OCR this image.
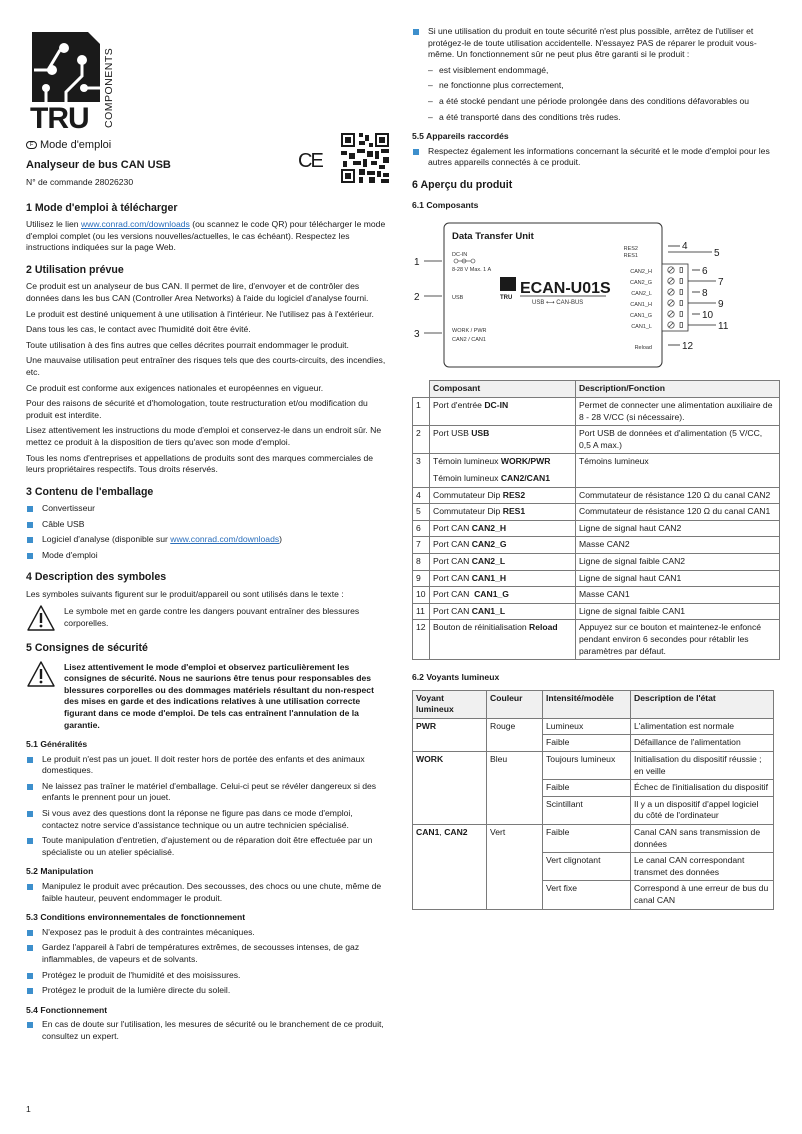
TRU COMPONENTS
F Mode d'emploi
Analyseur de bus CAN USB
N° de commande 28026230
CE
1 Mode d'emploi à télécharger

Utilisez le lien www.conrad.com/downloads (ou scannez le code QR) pour télécharger le mode d'emploi complet (ou les versions nouvelles/actuelles, le cas échéant). Respectez les instructions indiquées sur la page Web.

2 Utilisation prévue

Ce produit est un analyseur de bus CAN. Il permet de lire, d'envoyer et de contrôler des données dans les bus CAN (Controller Area Networks) à l'aide du logiciel d'analyse fourni.

Le produit est destiné uniquement à une utilisation à l'intérieur. Ne l'utilisez pas à l'extérieur.

Dans tous les cas, le contact avec l'humidité doit être évité.

Toute utilisation à des fins autres que celles décrites pourrait endommager le produit.

Une mauvaise utilisation peut entraîner des risques tels que des courts-circuits, des incendies, etc.

Ce produit est conforme aux exigences nationales et européennes en vigueur.

Pour des raisons de sécurité et d'homologation, toute restructuration et/ou modification du produit est interdite.

Lisez attentivement les instructions du mode d'emploi et conservez-le dans un endroit sûr. Ne mettez ce produit à la disposition de tiers qu'avec son mode d'emploi.

Tous les noms d'entreprises et appellations de produits sont des marques commerciales de leurs propriétaires respectifs. Tous droits réservés.

3 Contenu de l'emballage
Convertisseur
Câble USB
Logiciel d'analyse (disponible sur www.conrad.com/downloads)
Mode d'emploi
4 Description des symboles

Les symboles suivants figurent sur le produit/appareil ou sont utilisés dans le texte :

Le symbole met en garde contre les dangers pouvant entraîner des blessures corporelles.
5 Consignes de sécurité
Lisez attentivement le mode d'emploi et observez particulièrement les consignes de sécurité. Nous ne saurions être tenus pour responsables des blessures corporelles ou des dommages matériels résultant du non-respect des mises en garde et des indications relatives à une utilisation correcte figurant dans ce mode d'emploi. De tels cas entraînent l'annulation de la garantie.
5.1 Généralités
Le produit n'est pas un jouet. Il doit rester hors de portée des enfants et des animaux domestiques.
Ne laissez pas traîner le matériel d'emballage. Celui-ci peut se révéler dangereux si des enfants le prennent pour un jouet.
Si vous avez des questions dont la réponse ne figure pas dans ce mode d'emploi, contactez notre service d'assistance technique ou un autre technicien spécialisé.
Toute manipulation d'entretien, d'ajustement ou de réparation doit être effectuée par un spécialiste ou un atelier spécialisé.
5.2 Manipulation
Manipulez le produit avec précaution. Des secousses, des chocs ou une chute, même de faible hauteur, peuvent endommager le produit.
5.3 Conditions environnementales de fonctionnement
N'exposez pas le produit à des contraintes mécaniques.
Gardez l'appareil à l'abri de températures extrêmes, de secousses intenses, de gaz inflammables, de vapeurs et de solvants.
Protégez le produit de l'humidité et des moisissures.
Protégez le produit de la lumière directe du soleil.
5.4 Fonctionnement
En cas de doute sur l'utilisation, les mesures de sécurité ou le branchement de ce produit, consultez un expert.
1
Si une utilisation du produit en toute sécurité n'est plus possible, arrêtez de l'utiliser et protégez-le de toute utilisation accidentelle. N'essayez PAS de réparer le produit vous-même. Un fonctionnement sûr ne peut plus être garanti si le produit :
– est visiblement endommagé,
– ne fonctionne plus correctement,
– a été stocké pendant une période prolongée dans des conditions défavorables ou
– a été transporté dans des conditions très rudes.
5.5 Appareils raccordés
Respectez également les informations concernant la sécurité et le mode d'emploi pour les autres appareils connectés à ce produit.
6 Aperçu du produit
6.1 Composants
Data Transfer Unit
DC-IN
8-28 V Max. 1 A
USB
WORK / PWR
CAN2 / CAN1
TRU
ECAN-U01S
USB ⟷ CAN-BUS
RES2
RES1
CAN2_H
CAN2_G
CAN2_L
CAN1_H
CAN1_G
CAN1_L
Reload
1
2
3
4
5
6
7
8
9
10
11
12
	Composant	Description/Fonction
1	Port d'entrée DC-IN	Permet de connecter une alimentation auxiliaire de 8 - 28 V/CC (si nécessaire).
2	Port USB USB	Port USB de données et d'alimentation (5 V/CC, 0,5 A max.)
3	Témoin lumineux WORK/PWR
Témoin lumineux CAN2/CAN1	Témoins lumineux
4	Commutateur Dip RES2	Commutateur de résistance 120 Ω du canal CAN2
5	Commutateur Dip RES1	Commutateur de résistance 120 Ω du canal CAN1
6	Port CAN CAN2_H	Ligne de signal haut CAN2
7	Port CAN CAN2_G	Masse CAN2
8	Port CAN CAN2_L	Ligne de signal faible CAN2
9	Port CAN CAN1_H	Ligne de signal haut CAN1
10	Port CAN  CAN1_G	Masse CAN1
11	Port CAN CAN1_L	Ligne de signal faible CAN1
12	Bouton de réinitialisation Reload	Appuyez sur ce bouton et maintenez-le enfoncé pendant environ 6 secondes pour rétablir les paramètres par défaut.
6.2 Voyants lumineux
Voyant lumineux	Couleur	Intensité/modèle	Description de l'état
PWR	Rouge	Lumineux	L'alimentation est normale
		Faible	Défaillance de l'alimentation
WORK	Bleu	Toujours lumineux	Initialisation du dispositif réussie ; en veille
		Faible	Échec de l'initialisation du dispositif
		Scintillant	Il y a un dispositif d'appel logiciel du côté de l'ordinateur
CAN1, CAN2	Vert	Faible	Canal CAN sans transmission de données
		Vert clignotant	Le canal CAN correspondant transmet des données
		Vert fixe	Correspond à une erreur de bus du canal CAN
